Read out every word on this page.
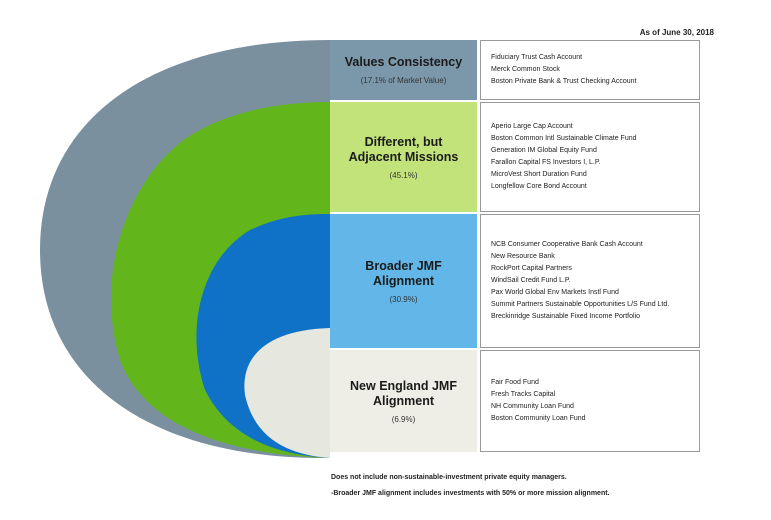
As of June 30, 2018
Values Consistency
(17.1% of Market Value)
Different, but
Adjacent Missions
(45.1%)
Broader JMF
Alignment
(30.9%)
New England JMF
Alignment
(6.9%)
Fiduciary Trust Cash Account
Merck Common Stock
Boston Private Bank & Trust Checking Account
Aperio Large Cap Account
Boston Common Intl Sustainable Climate Fund
Generation IM Global Equity Fund
Farallon Capital FS Investors I, L.P.
MicroVest Short Duration Fund
Longfellow Core Bond Account
NCB Consumer Cooperative Bank Cash Account
New Resource Bank
RockPort Capital Partners
WindSail Credit Fund L.P.
Pax World Global Env Markets Instl Fund
Summit Partners Sustainable Opportunities L/S Fund Ltd.
Breckinridge Sustainable Fixed Income Portfolio
Fair Food Fund
Fresh Tracks Capital
NH Community Loan Fund
Boston Community Loan Fund
Does not include non-sustainable-investment private equity managers.
-Broader JMF alignment includes investments with 50% or more mission alignment.
